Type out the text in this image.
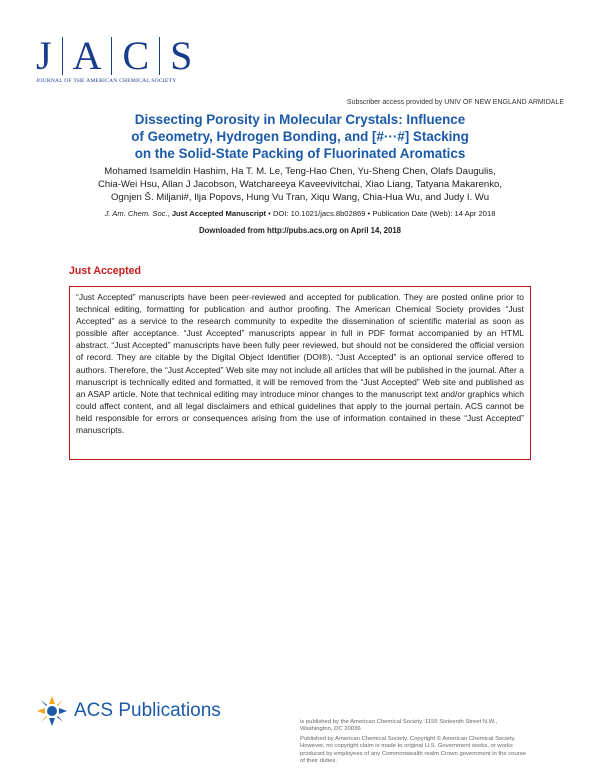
J A C S
JOURNAL OF THE AMERICAN CHEMICAL SOCIETY
Subscriber access provided by UNIV OF NEW ENGLAND ARMIDALE
Dissecting Porosity in Molecular Crystals: Influence
of Geometry, Hydrogen Bonding, and [#···#] Stacking
on the Solid-State Packing of Fluorinated Aromatics
Mohamed Isameldin Hashim, Ha T. M. Le, Teng-Hao Chen, Yu-Sheng Chen, Olafs Daugulis,
Chia-Wei Hsu, Allan J Jacobson, Watchareeya Kaveevivitchai, Xiao Liang, Tatyana Makarenko,
Ognjen Š. Miljani#, Ilja Popovs, Hung Vu Tran, Xiqu Wang, Chia-Hua Wu, and Judy I. Wu
J. Am. Chem. Soc., Just Accepted Manuscript • DOI: 10.1021/jacs.8b02869 • Publication Date (Web): 14 Apr 2018
Downloaded from http://pubs.acs.org on April 14, 2018
Just Accepted

“Just Accepted” manuscripts have been peer-reviewed and accepted for publication. They are posted online prior to technical editing, formatting for publication and author proofing. The American Chemical Society provides “Just Accepted” as a service to the research community to expedite the dissemination of scientific material as soon as possible after acceptance. “Just Accepted” manuscripts appear in full in PDF format accompanied by an HTML abstract. “Just Accepted” manuscripts have been fully peer reviewed, but should not be considered the official version of record. They are citable by the Digital Object Identifier (DOI®). “Just Accepted” is an optional service offered to authors. Therefore, the “Just Accepted” Web site may not include all articles that will be published in the journal. After a manuscript is technically edited and formatted, it will be removed from the “Just Accepted” Web site and published as an ASAP article. Note that technical editing may introduce minor changes to the manuscript text and/or graphics which could affect content, and all legal disclaimers and ethical guidelines that apply to the journal pertain. ACS cannot be held responsible for errors or consequences arising from the use of information contained in these “Just Accepted” manuscripts.

ACS Publications
is published by the American Chemical Society. 1155 Sixteenth Street N.W.,
Washington, DC 20036
Published by American Chemical Society. Copyright © American Chemical Society.
However, no copyright claim is made to original U.S. Government works, or works
produced by employees of any Commonwealth realm Crown government in the course
of their duties.
